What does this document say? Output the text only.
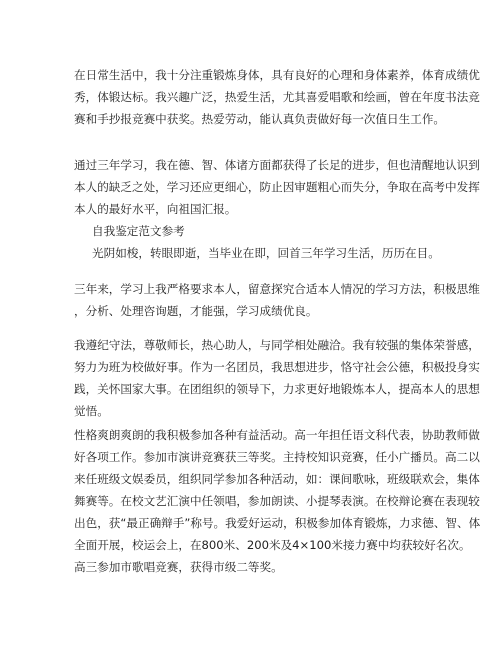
在日常生活中，我十分注重锻炼身体，具有良好的心理和身体素养，体育成绩优
秀，体锻达标。我兴趣广泛，热爱生活，尤其喜爱唱歌和绘画，曾在年度书法竞
赛和手抄报竞赛中获奖。热爱劳动，能认真负责做好每一次值日生工作。

通过三年学习，我在德、智、体诸方面都获得了长足的进步，但也清醒地认识到
本人的缺乏之处，学习还应更细心，防止因审题粗心而失分，争取在高考中发挥
本人的最好水平，向祖国汇报。

自我鉴定范文参考

光阴如梭，转眼即逝，当毕业在即，回首三年学习生活，历历在目。

三年来，学习上我严格要求本人，留意探究合适本人情况的学习方法，积极思维
，分析、处理咨询题，才能强，学习成绩优良。

我遵纪守法，尊敬师长，热心助人，与同学相处融洽。我有较强的集体荣誉感，
努力为班为校做好事。作为一名团员，我思想进步，恪守社会公德，积极投身实
践，关怀国家大事。在团组织的领导下，力求更好地锻炼本人，提高本人的思想
觉悟。

性格爽朗爽朗的我积极参加各种有益活动。高一年担任语文科代表，协助教师做
好各项工作。参加市演讲竞赛获三等奖。主持校知识竞赛，任小广播员。高二以
来任班级文娱委员，组织同学参加各种活动，如：课间歌咏，班级联欢会，集体
舞赛等。在校文艺汇演中任领唱，参加朗读、小提琴表演。在校辩论赛在表现较
出色，获“最正确辩手”称号。我爱好运动，积极参加体育锻炼，力求德、智、体
全面开展，校运会上，在800米、200米及4×100米接力赛中均获较好名次。
高三参加市歌唱竞赛，获得市级二等奖。
